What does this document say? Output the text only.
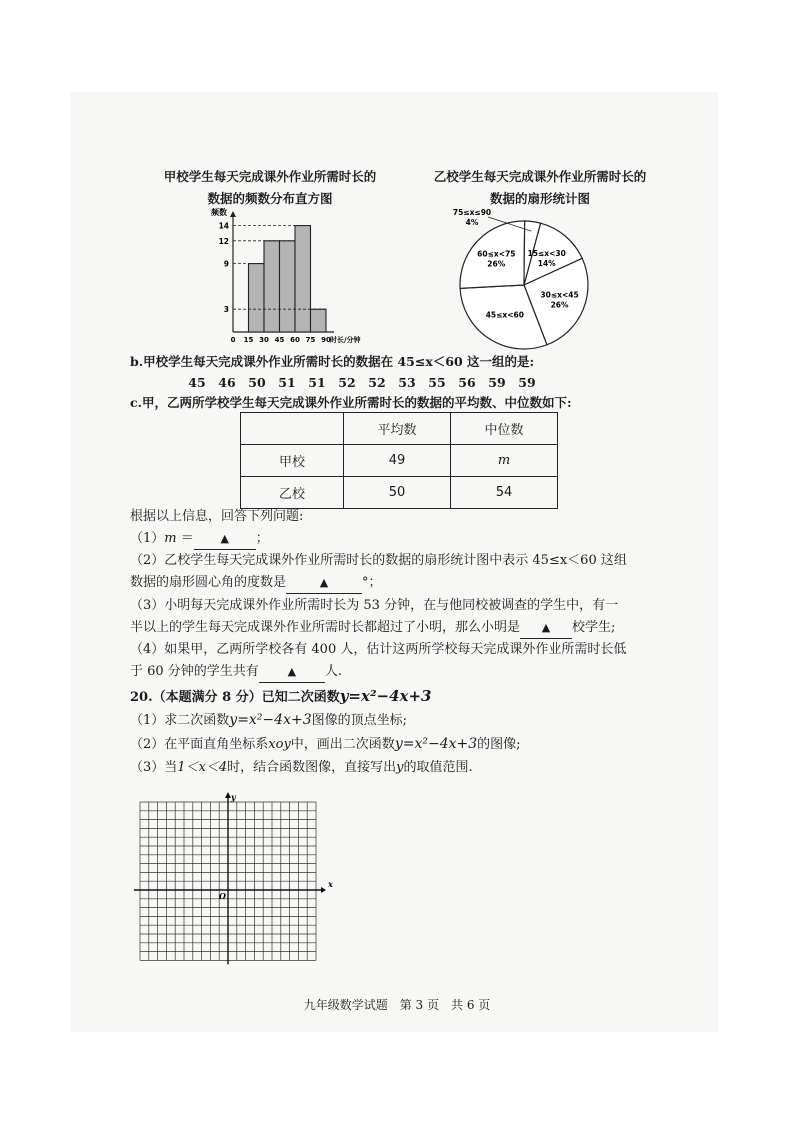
甲校学生每天完成课外作业所需时长的
数据的频数分布直方图
频数
3
9
12
14
0 15 30 45 60 75 90 时长/分钟
乙校学生每天完成课外作业所需时长的
数据的扇形统计图
15≤x<30
14%
30≤x<45
26%
45≤x<60
60≤x<75
26%
75≤x≤90
4%
b.甲校学生每天完成课外作业所需时长的数据在 45≤x＜60 这一组的是:
45 46 50 51 51 52 52 53 55 56 59 59
c.甲，乙两所学校学生每天完成课外作业所需时长的数据的平均数、中位数如下:
	平均数	中位数
甲校	49	m
乙校	50	54
根据以上信息，回答下列问题:
（1）m ＝ ▲ ；
（2）乙校学生每天完成课外作业所需时长的数据的扇形统计图中表示 45≤x＜60 这组
数据的扇形圆心角的度数是	▲	°；
（3）小明每天完成课外作业所需时长为 53 分钟，在与他同校被调查的学生中，有一
半以上的学生每天完成课外作业所需时长都超过了小明，那么小明是 ▲ 校学生;
（4）如果甲，乙两所学校各有 400 人，估计这两所学校每天完成课外作业所需时长低
于 60 分钟的学生共有	▲ 人.
20.（本题满分 8 分）已知二次函数y=x²−4x+3
（1）求二次函数y=x²−4x+3图像的顶点坐标;
（2）在平面直角坐标系xoy中，画出二次函数y=x²−4x+3的图像;
（3）当1＜x＜4时，结合函数图像，直接写出y的取值范围.
x
y
O
九年级数学试题　第 3 页　共 6 页
